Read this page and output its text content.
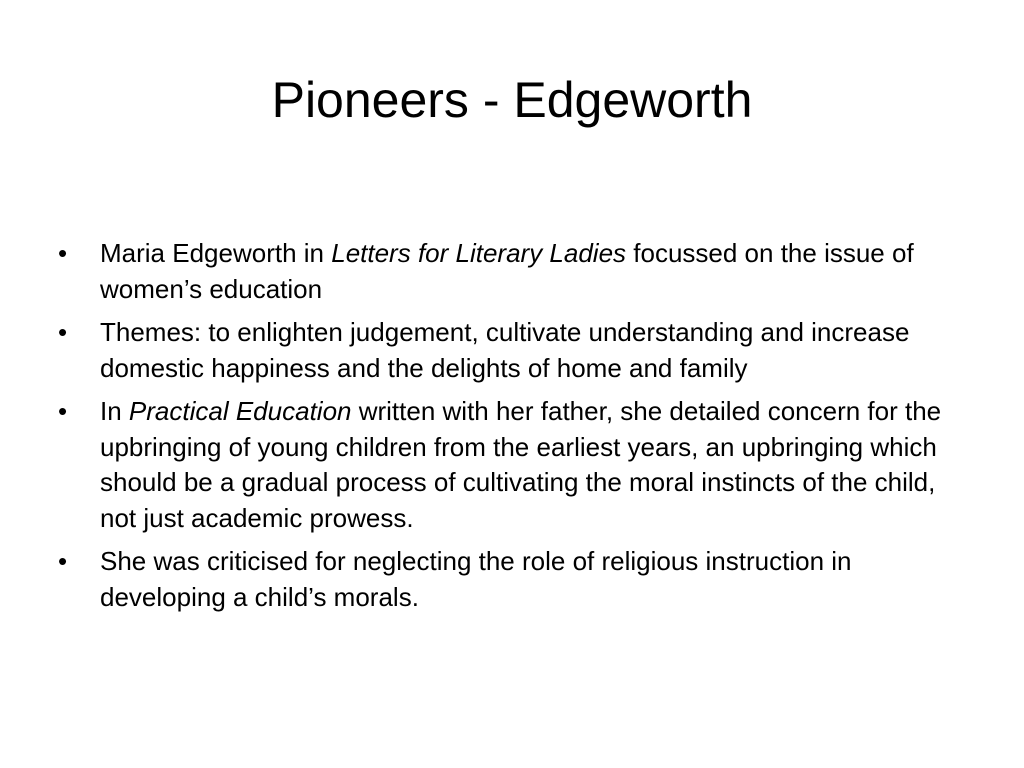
Pioneers - Edgeworth
• Maria Edgeworth in Letters for Literary Ladies focussed on the issue of women’s education
• Themes: to enlighten judgement, cultivate understanding and increase domestic happiness and the delights of home and family
• In Practical Education written with her father, she detailed concern for the upbringing of young children from the earliest years, an upbringing which should be a gradual process of cultivating the moral instincts of the child, not just academic prowess.
• She was criticised for neglecting the role of religious instruction in developing a child’s morals.
